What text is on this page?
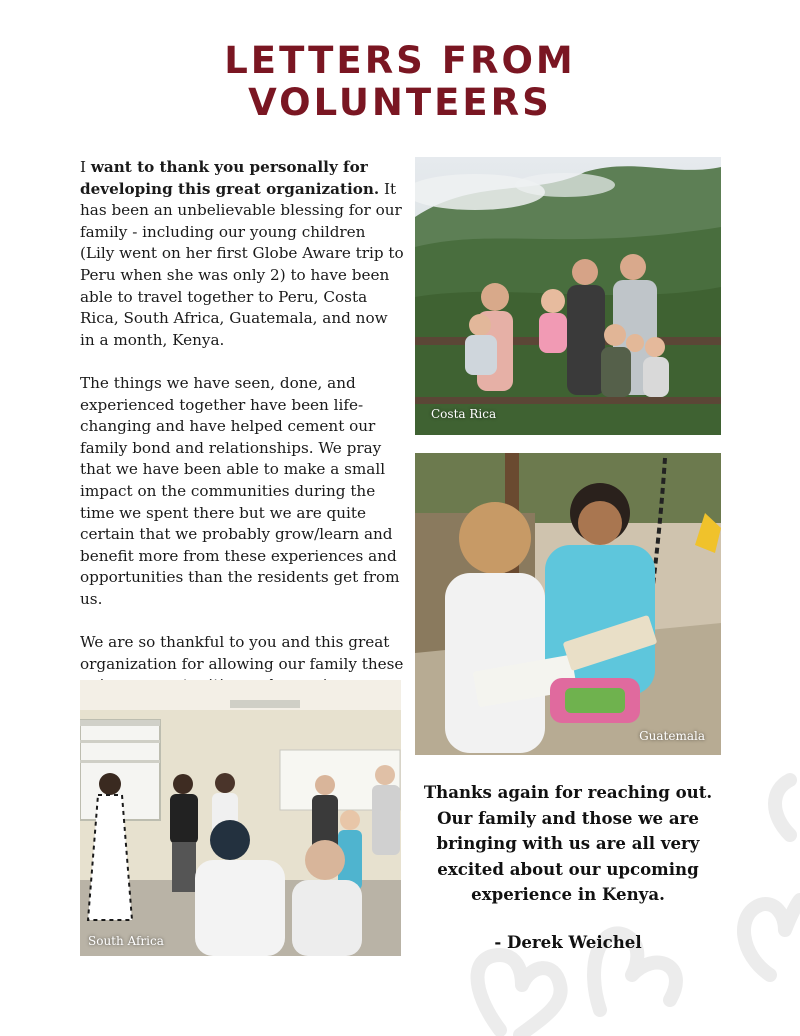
LETTERS FROM
VOLUNTEERS

I want to thank you personally for developing this great organization. It has been an unbelievable blessing for our family - including our young children (Lily went on her first Globe Aware trip to Peru when she was only 2) to have been able to travel together to Peru, Costa Rica, South Africa, Guatemala, and now in a month, Kenya.

The things we have seen, done, and experienced together have been life-changing and have helped cement our family bond and relationships. We pray that we have been able to make a small impact on the communities during the time we spent there but we are quite certain that we probably grow/learn and benefit more from these experiences and opportunities than the residents get from us.

We are so thankful to you and this great organization for allowing our family these

Costa Rica
Guatemala
South Africa
Thanks again for reaching out. Our family and those we are bringing with us are all very excited about our upcoming experience in Kenya.
- Derek Weichel
